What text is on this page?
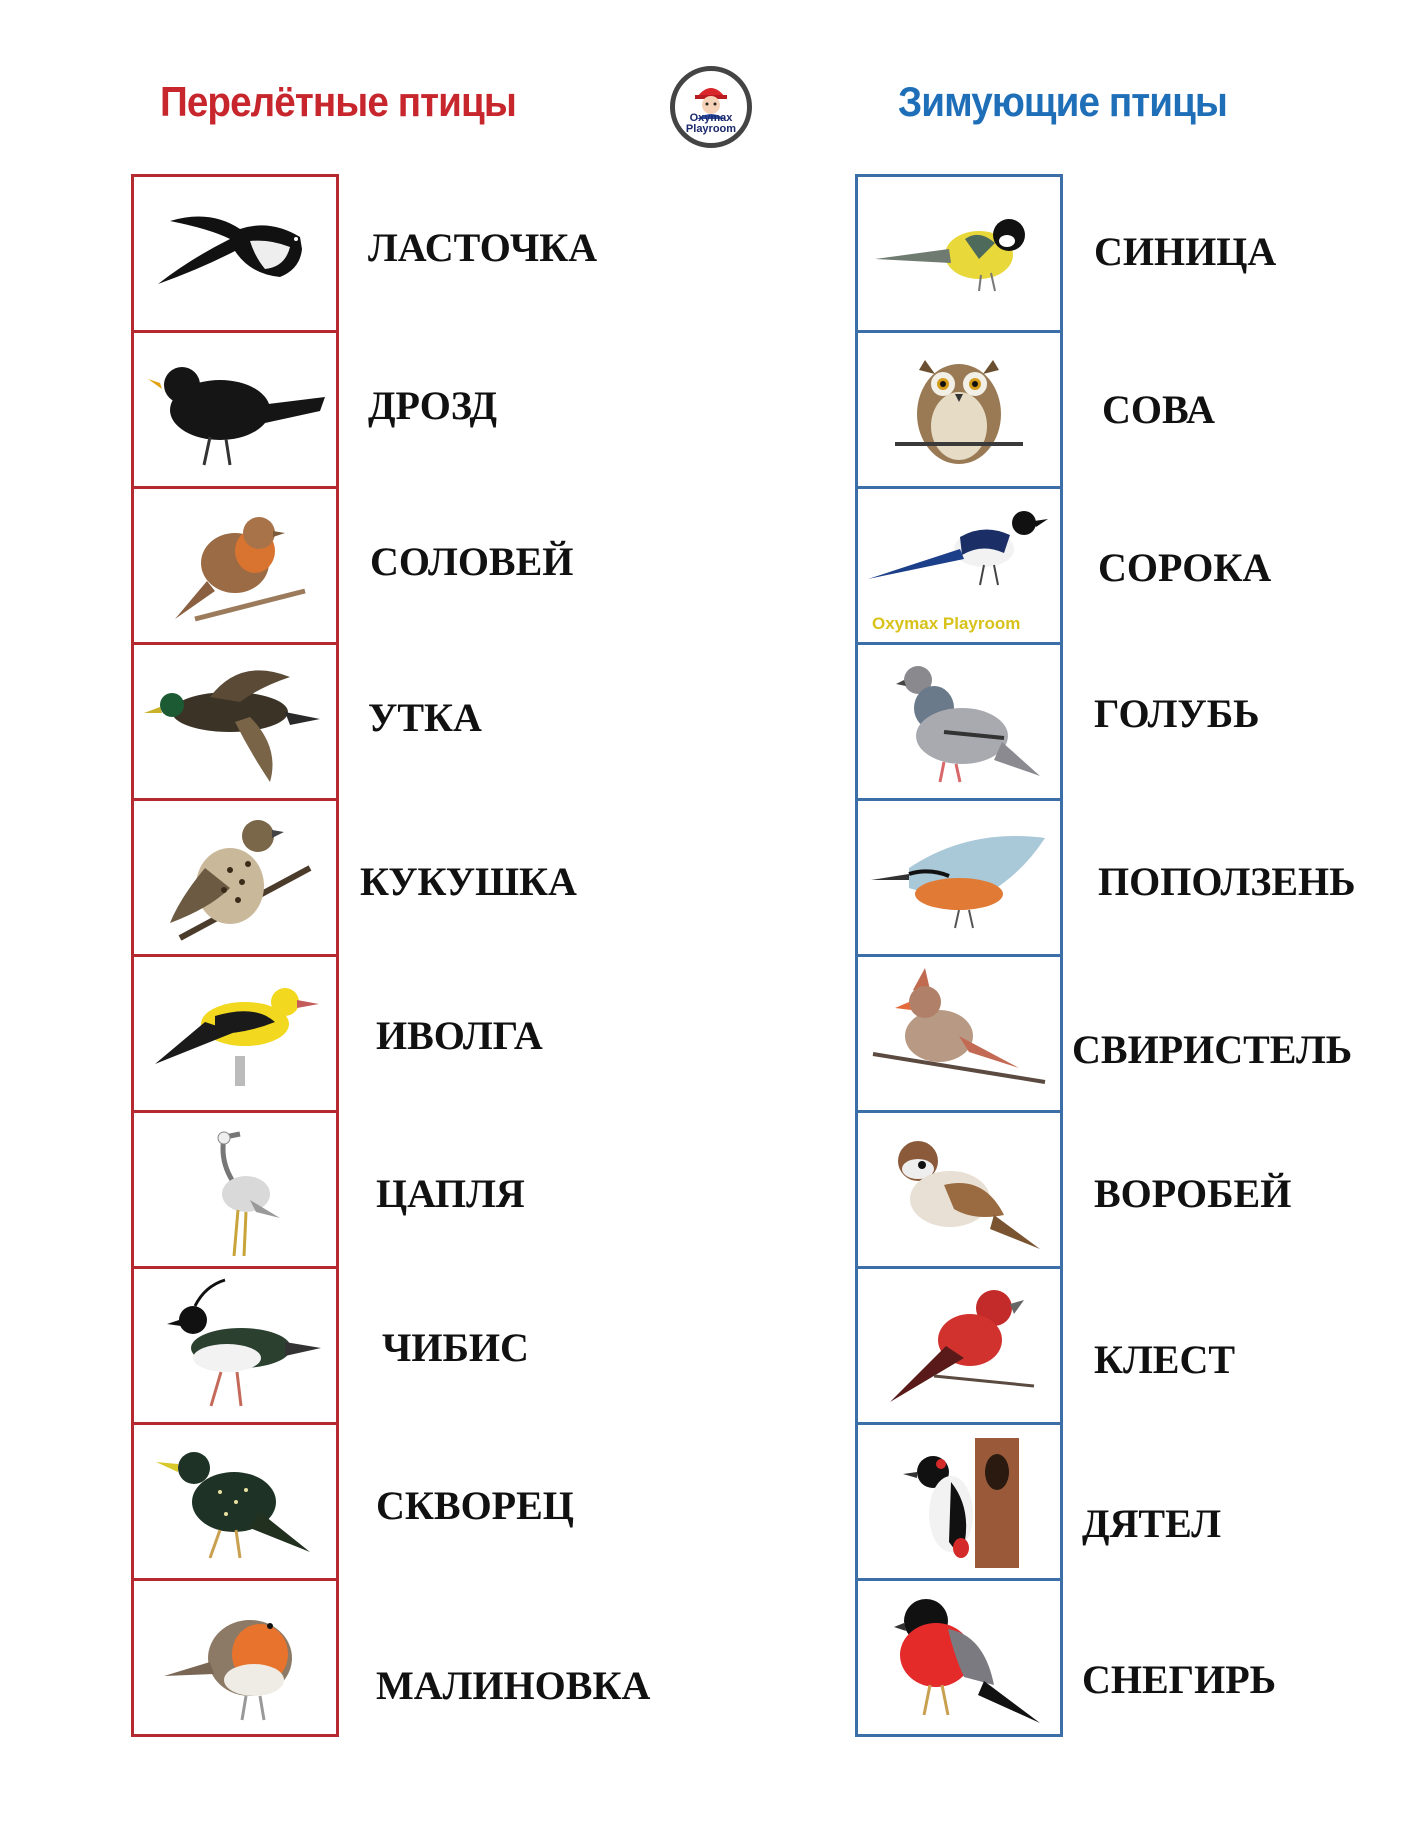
Перелётные птицы	Зимующие птицы
Oxymax
Playroom
ЛАСТОЧКА
ДРОЗД
СОЛОВЕЙ
УТКА
КУКУШКА
ИВОЛГА
ЦАПЛЯ
ЧИБИС
СКВОРЕЦ
МАЛИНОВКА
Oxymax Playroom
СИНИЦА
СОВА
СОРОКА
ГОЛУБЬ
ПОПОЛЗЕНЬ
СВИРИСТЕЛЬ
ВОРОБЕЙ
КЛЕСТ
ДЯТЕЛ
СНЕГИРЬ
